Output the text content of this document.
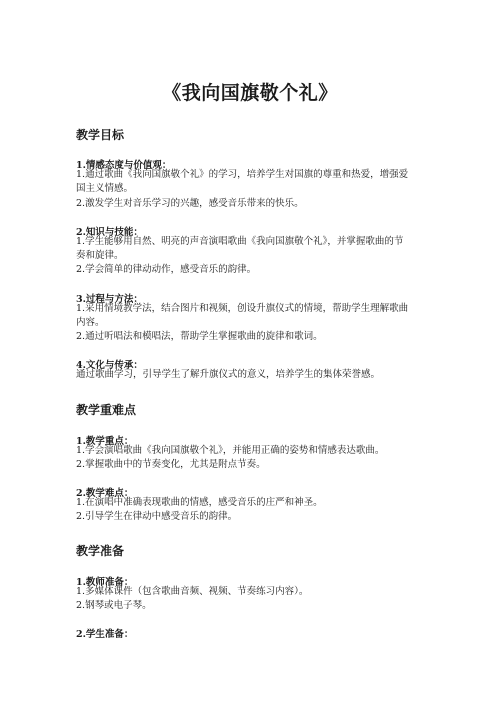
《我向国旗敬个礼》
教学目标
1.情感态度与价值观：
1.通过歌曲《我向国旗敬个礼》的学习，培养学生对国旗的尊重和热爱，增强爱
国主义情感。
2.激发学生对音乐学习的兴趣，感受音乐带来的快乐。
2.知识与技能：
1.学生能够用自然、明亮的声音演唱歌曲《我向国旗敬个礼》，并掌握歌曲的节
奏和旋律。
2.学会简单的律动动作，感受音乐的韵律。
3.过程与方法：
1.采用情境教学法，结合图片和视频，创设升旗仪式的情境，帮助学生理解歌曲
内容。
2.通过听唱法和模唱法，帮助学生掌握歌曲的旋律和歌词。
4.文化与传承：
通过歌曲学习，引导学生了解升旗仪式的意义，培养学生的集体荣誉感。
教学重难点
1.教学重点：
1.学会演唱歌曲《我向国旗敬个礼》，并能用正确的姿势和情感表达歌曲。
2.掌握歌曲中的节奏变化，尤其是附点节奏。
2.教学难点：
1.在演唱中准确表现歌曲的情感，感受音乐的庄严和神圣。
2.引导学生在律动中感受音乐的韵律。
教学准备
1.教师准备：
1.多媒体课件（包含歌曲音频、视频、节奏练习内容）。
2.钢琴或电子琴。
2.学生准备：
